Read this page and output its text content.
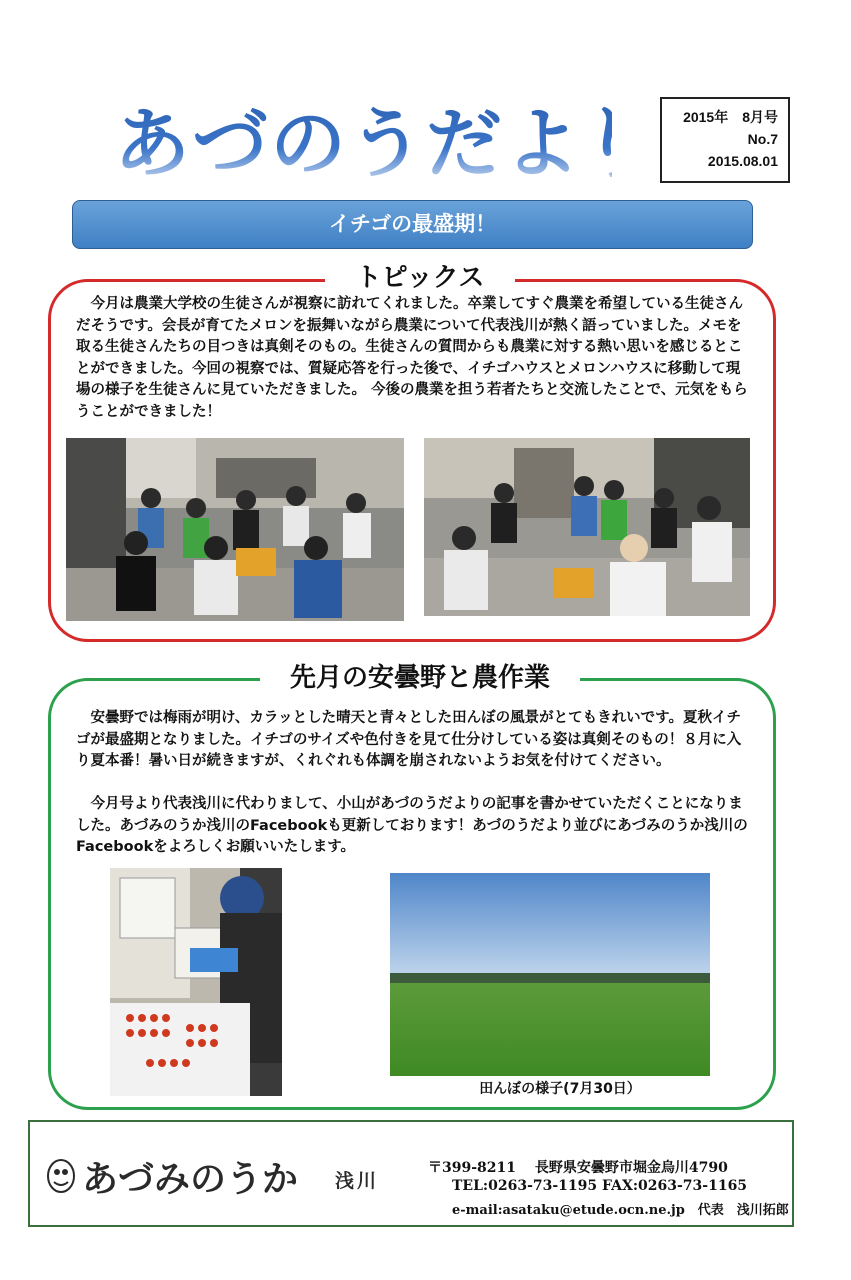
あづのうだより	2015年　8月号
No.7
2015.08.01
イチゴの最盛期！
トピックス
今月は農業大学校の生徒さんが視察に訪れてくれました。卒業してすぐ農業を希望している生徒さんだそうです。会長が育てたメロンを振舞いながら農業について代表浅川が熱く語っていました。メモを取る生徒さんたちの目つきは真剣そのもの。生徒さんの質問からも農業に対する熱い思いを感じるとことができました。今回の視察では、質疑応答を行った後で、イチゴハウスとメロンハウスに移動して現場の様子を生徒さんに見ていただきました。 今後の農業を担う若者たちと交流したことで、元気をもらうことができました！
先月の安曇野と農作業
安曇野では梅雨が明け、カラッとした晴天と青々とした田んぼの風景がとてもきれいです。夏秋イチゴが最盛期となりました。イチゴのサイズや色付きを見て仕分けしている姿は真剣そのもの！８月に入り夏本番！暑い日が続きますが、くれぐれも体調を崩されないようお気を付けてください。
今月号より代表浅川に代わりまして、小山があづのうだよりの記事を書かせていただくことになりました。あづみのうか浅川のFacebookも更新しております！あづのうだより並びにあづみのうか浅川のFacebookをよろしくお願いいたします。
田んぼの様子(7月30日）
あづみのうか 浅川
〒399-8211　 長野県安曇野市堀金烏川4790
TEL:0263-73-1195 FAX:0263-73-1165
e-mail:asataku@etude.ocn.ne.jp　代表　浅川拓郎
